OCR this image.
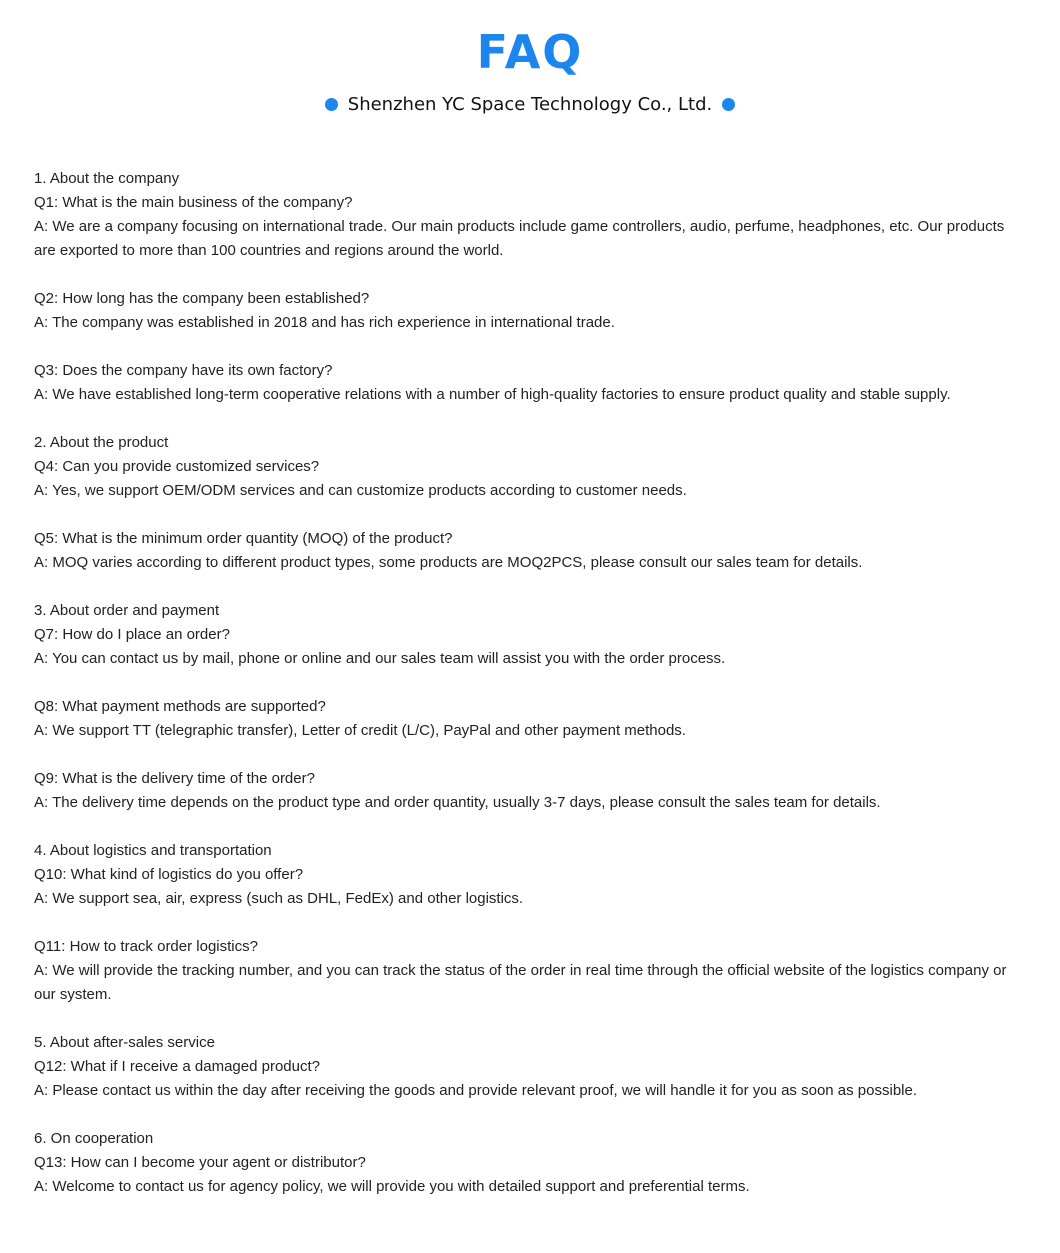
FAQ
Shenzhen YC Space Technology Co., Ltd.
1. About the company
Q1: What is the main business of the company?
A: We are a company focusing on international trade. Our main products include game controllers, audio, perfume, headphones, etc. Our products are exported to more than 100 countries and regions around the world.
Q2: How long has the company been established?
A: The company was established in 2018 and has rich experience in international trade.
Q3: Does the company have its own factory?
A: We have established long-term cooperative relations with a number of high-quality factories to ensure product quality and stable supply.
2. About the product
Q4: Can you provide customized services?
A: Yes, we support OEM/ODM services and can customize products according to customer needs.
Q5: What is the minimum order quantity (MOQ) of the product?
A: MOQ varies according to different product types, some products are MOQ2PCS, please consult our sales team for details.
3. About order and payment
Q7: How do I place an order?
A: You can contact us by mail, phone or online and our sales team will assist you with the order process.
Q8: What payment methods are supported?
A: We support TT (telegraphic transfer), Letter of credit (L/C), PayPal and other payment methods.
Q9: What is the delivery time of the order?
A: The delivery time depends on the product type and order quantity, usually 3-7 days, please consult the sales team for details.
4. About logistics and transportation
Q10: What kind of logistics do you offer?
A: We support sea, air, express (such as DHL, FedEx) and other logistics.
Q11: How to track order logistics?
A: We will provide the tracking number, and you can track the status of the order in real time through the official website of the logistics company or our system.
5. About after-sales service
Q12: What if I receive a damaged product?
A: Please contact us within the day after receiving the goods and provide relevant proof, we will handle it for you as soon as possible.
6. On cooperation
Q13: How can I become your agent or distributor?
A: Welcome to contact us for agency policy, we will provide you with detailed support and preferential terms.
